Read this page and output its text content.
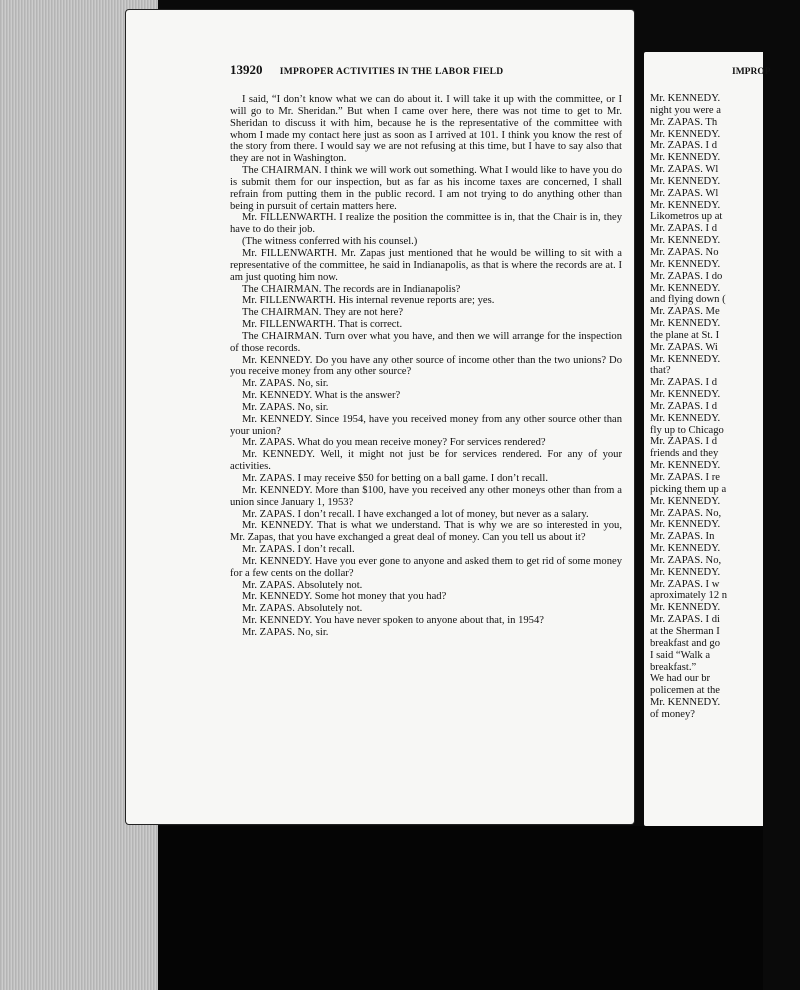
13920 IMPROPER ACTIVITIES IN THE LABOR FIELD

I said, “I don’t know what we can do about it. I will take it up with the committee, or I will go to Mr. Sheridan.” But when I came over here, there was not time to get to Mr. Sheridan to discuss it with him, because he is the representative of the committee with whom I made my contact here just as soon as I arrived at 101. I think you know the rest of the story from there. I would say we are not refusing at this time, but I have to say also that they are not in Washington.

The CHAIRMAN. I think we will work out something. What I would like to have you do is submit them for our inspection, but as far as his income taxes are concerned, I shall refrain from putting them in the public record. I am not trying to do anything other than being in pursuit of certain matters here.

Mr. FILLENWARTH. I realize the position the committee is in, that the Chair is in, they have to do their job.

(The witness conferred with his counsel.)

Mr. FILLENWARTH. Mr. Zapas just mentioned that he would be willing to sit with a representative of the committee, he said in Indianapolis, as that is where the records are at. I am just quoting him now.

The CHAIRMAN. The records are in Indianapolis?

Mr. FILLENWARTH. His internal revenue reports are; yes.

The CHAIRMAN. They are not here?

Mr. FILLENWARTH. That is correct.

The CHAIRMAN. Turn over what you have, and then we will arrange for the inspection of those records.

Mr. KENNEDY. Do you have any other source of income other than the two unions? Do you receive money from any other source?

Mr. ZAPAS. No, sir.

Mr. KENNEDY. What is the answer?

Mr. ZAPAS. No, sir.

Mr. KENNEDY. Since 1954, have you received money from any other source other than your union?

Mr. ZAPAS. What do you mean receive money? For services rendered?

Mr. KENNEDY. Well, it might not just be for services rendered. For any of your activities.

Mr. ZAPAS. I may receive $50 for betting on a ball game. I don’t recall.

Mr. KENNEDY. More than $100, have you received any other moneys other than from a union since January 1, 1953?

Mr. ZAPAS. I don’t recall. I have exchanged a lot of money, but never as a salary.

Mr. KENNEDY. That is what we understand. That is why we are so interested in you, Mr. Zapas, that you have exchanged a great deal of money. Can you tell us about it?

Mr. ZAPAS. I don’t recall.

Mr. KENNEDY. Have you ever gone to anyone and asked them to get rid of some money for a few cents on the dollar?

Mr. ZAPAS. Absolutely not.

Mr. KENNEDY. Some hot money that you had?

Mr. ZAPAS. Absolutely not.

Mr. KENNEDY. You have never spoken to anyone about that, in 1954?

Mr. ZAPAS. No, sir.

IMPROP
Mr. KENNEDY.
night you were a
Mr. ZAPAS. Th
Mr. KENNEDY.
Mr. ZAPAS. I d
Mr. KENNEDY.
Mr. ZAPAS. Wl
Mr. KENNEDY.
Mr. ZAPAS. Wl
Mr. KENNEDY.
Likometros up at
Mr. ZAPAS. I d
Mr. KENNEDY.
Mr. ZAPAS. No
Mr. KENNEDY.
Mr. ZAPAS. I do
Mr. KENNEDY.
and flying down (
Mr. ZAPAS. Me
Mr. KENNEDY.
the plane at St. I
Mr. ZAPAS. Wi
Mr. KENNEDY.
that?
Mr. ZAPAS. I d
Mr. KENNEDY.
Mr. ZAPAS. I d
Mr. KENNEDY.
fly up to Chicago
Mr. ZAPAS. I d
friends and they
Mr. KENNEDY.
Mr. ZAPAS. I re
picking them up a
Mr. KENNEDY.
Mr. ZAPAS. No,
Mr. KENNEDY.
Mr. ZAPAS. In
Mr. KENNEDY.
Mr. ZAPAS. No,
Mr. KENNEDY.
Mr. ZAPAS. I w
aproximately 12 n
Mr. KENNEDY.
Mr. ZAPAS. I di
at the Sherman I
breakfast and go
I said “Walk a
breakfast.”
We had our br
policemen at the
Mr. KENNEDY.
of money?
